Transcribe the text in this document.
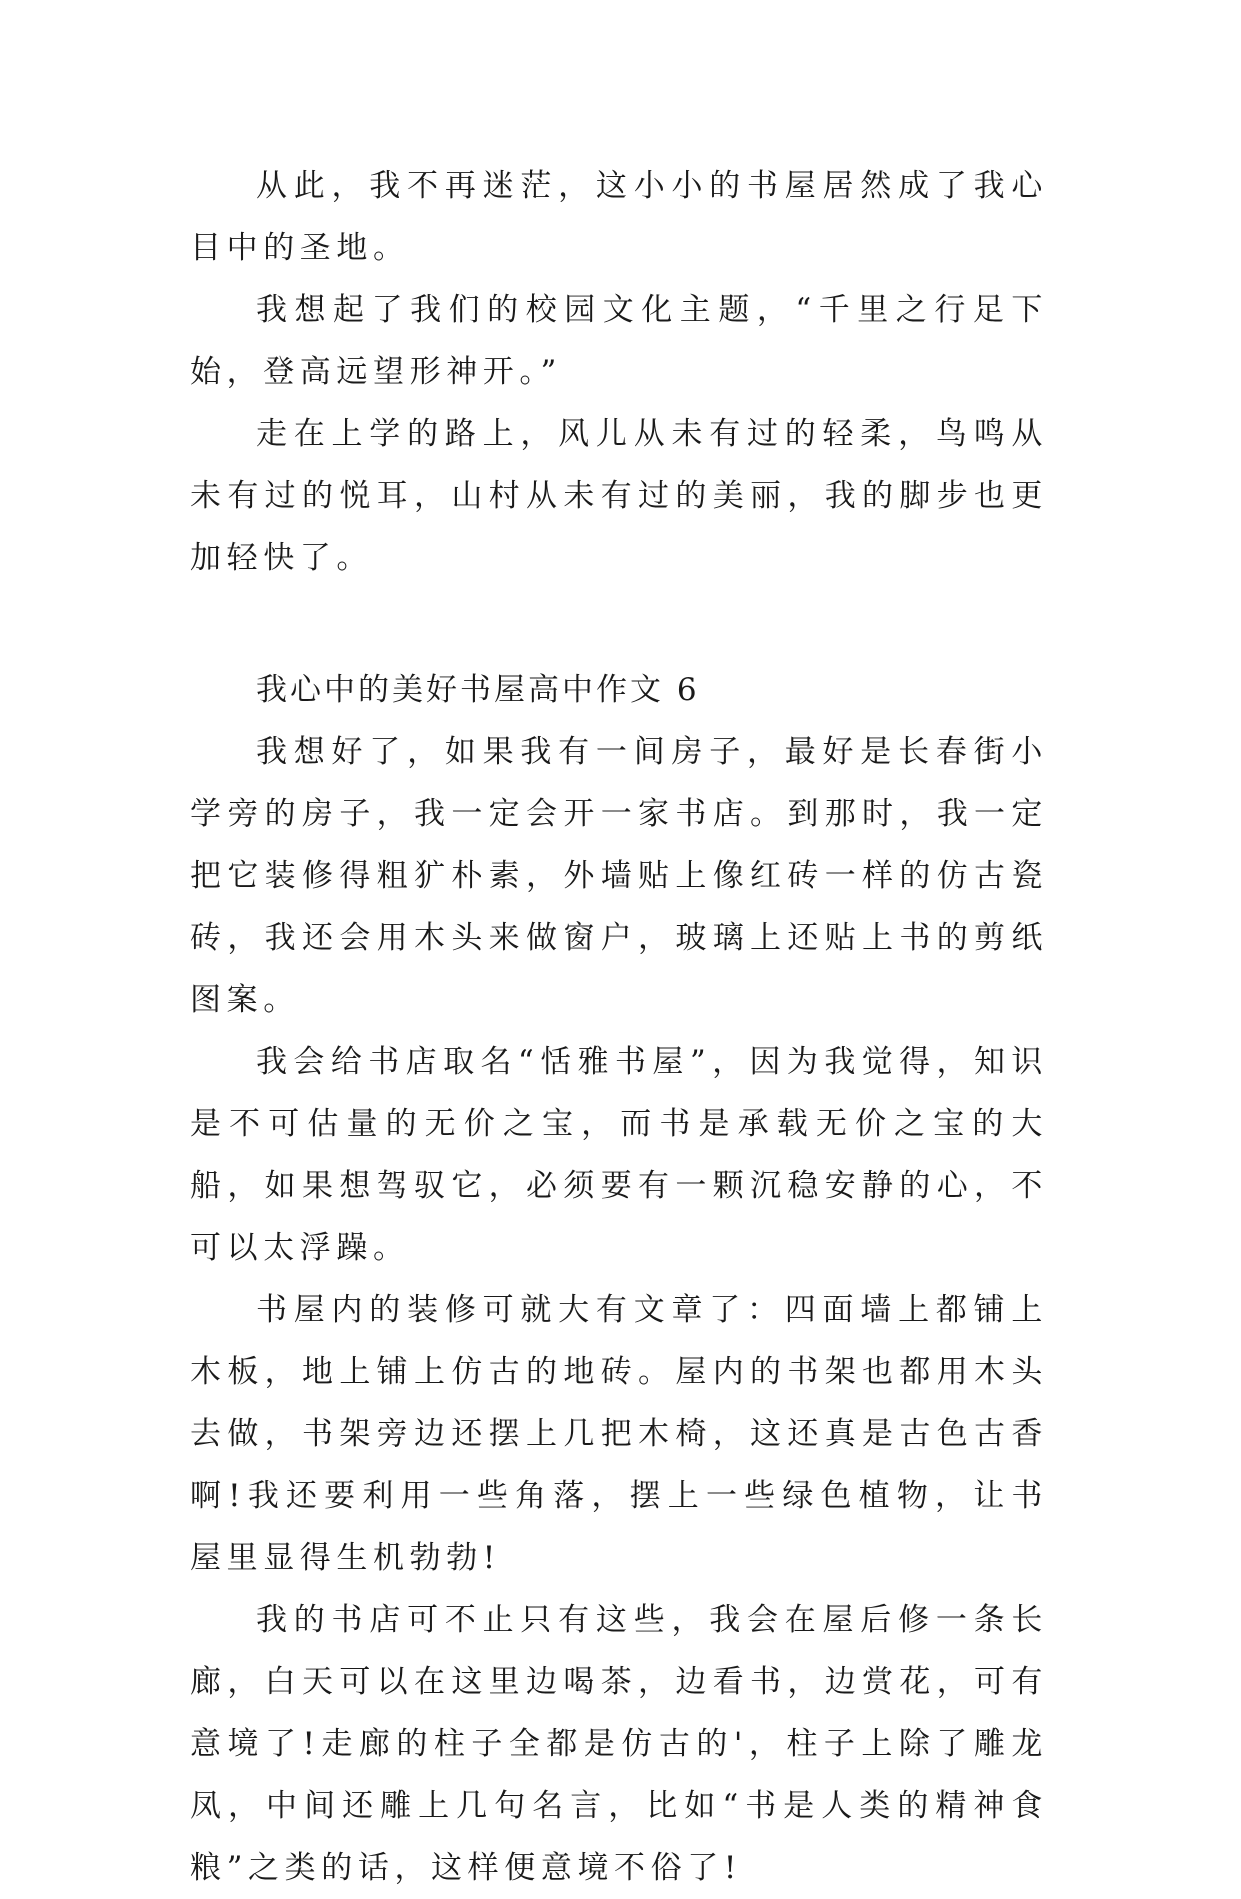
从此，我不再迷茫，这小小的书屋居然成了我心目中的圣地。

我想起了我们的校园文化主题，“千里之行足下始，登高远望形神开。”

走在上学的路上，风儿从未有过的轻柔，鸟鸣从未有过的悦耳，山村从未有过的美丽，我的脚步也更加轻快了。

我心中的美好书屋高中作文 6

我想好了，如果我有一间房子，最好是长春街小学旁的房子，我一定会开一家书店。到那时，我一定把它装修得粗犷朴素，外墙贴上像红砖一样的仿古瓷砖，我还会用木头来做窗户，玻璃上还贴上书的剪纸图案。

我会给书店取名“恬雅书屋”，因为我觉得，知识是不可估量的无价之宝，而书是承载无价之宝的大船，如果想驾驭它，必须要有一颗沉稳安静的心，不可以太浮躁。

书屋内的装修可就大有文章了：四面墙上都铺上木板，地上铺上仿古的地砖。屋内的书架也都用木头去做，书架旁边还摆上几把木椅，这还真是古色古香啊!我还要利用一些角落，摆上一些绿色植物，让书屋里显得生机勃勃!

我的书店可不止只有这些，我会在屋后修一条长廊，白天可以在这里边喝茶，边看书，边赏花，可有意境了!走廊的柱子全都是仿古的'，柱子上除了雕龙凤，中间还雕上几句名言，比如“书是人类的精神食粮”之类的话，这样便意境不俗了!
